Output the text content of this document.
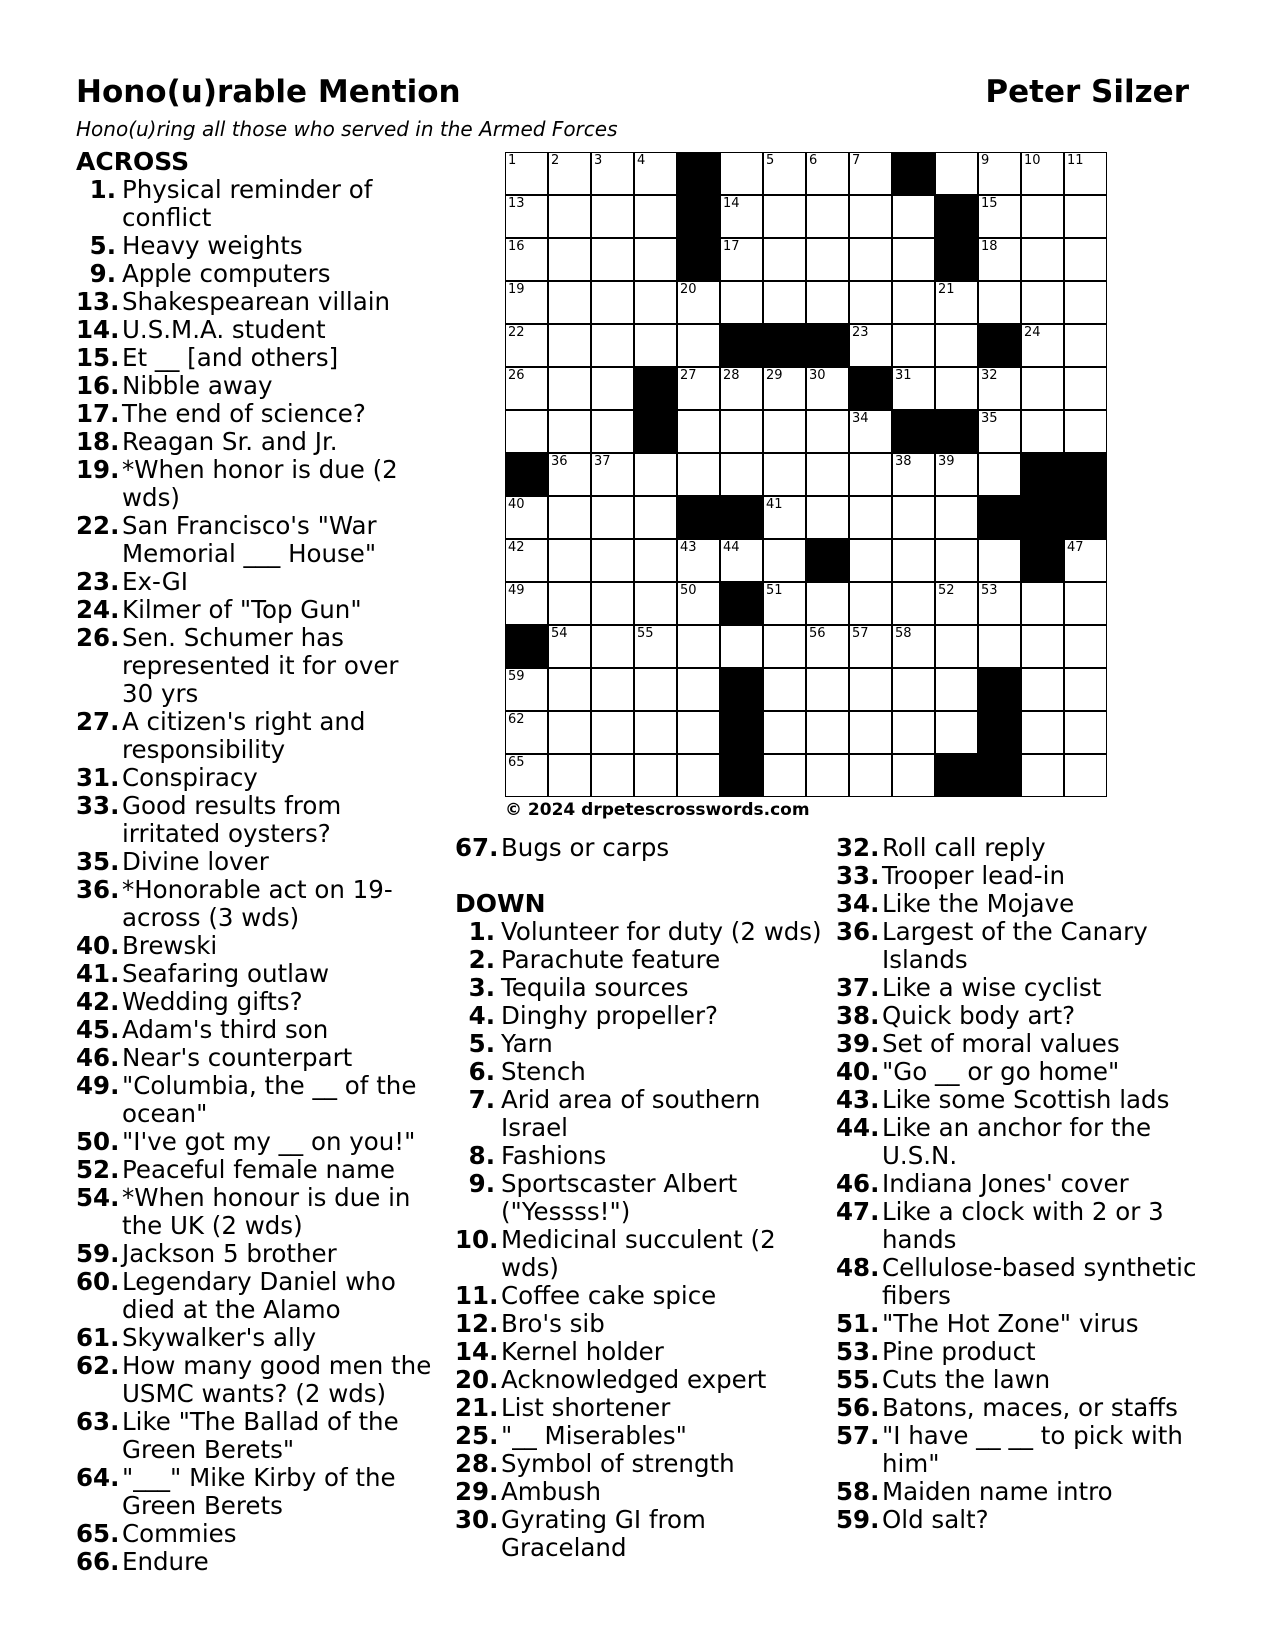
Hono(u)rable Mention	Peter Silzer
Hono(u)ring all those who served in the Armed Forces
ACROSS
1. Physical reminder of conflict
5. Heavy weights
9. Apple computers
13. Shakespearean villain
14. U.S.M.A. student
15. Et __ [and others]
16. Nibble away
17. The end of science?
18. Reagan Sr. and Jr.
19. *When honor is due (2 wds)
22. San Francisco's "War Memorial ___ House"
23. Ex-GI
24. Kilmer of "Top Gun"
26. Sen. Schumer has represented it for over 30 yrs
27. A citizen's right and responsibility
31. Conspiracy
33. Good results from irritated oysters?
35. Divine lover
36. *Honorable act on 19-across (3 wds)
40. Brewski
41. Seafaring outlaw
42. Wedding gifts?
45. Adam's third son
46. Near's counterpart
49. "Columbia, the __ of the ocean"
50. "I've got my __ on you!"
52. Peaceful female name
54. *When honour is due in the UK (2 wds)
59. Jackson 5 brother
60. Legendary Daniel who died at the Alamo
61. Skywalker's ally
62. How many good men the USMC wants? (2 wds)
63. Like "The Ballad of the Green Berets"
64. "___" Mike Kirby of the Green Berets
65. Commies
66. Endure
67. Bugs or carps
DOWN
1. Volunteer for duty (2 wds)
2. Parachute feature
3. Tequila sources
4. Dinghy propeller?
5. Yarn
6. Stench
7. Arid area of southern Israel
8. Fashions
9. Sportscaster Albert ("Yessss!")
10. Medicinal succulent (2 wds)
11. Coffee cake spice
12. Bro's sib
14. Kernel holder
20. Acknowledged expert
21. List shortener
25. "__ Miserables"
28. Symbol of strength
29. Ambush
30. Gyrating GI from Graceland
32. Roll call reply
33. Trooper lead-in
34. Like the Mojave
36. Largest of the Canary Islands
37. Like a wise cyclist
38. Quick body art?
39. Set of moral values
40. "Go __ or go home"
43. Like some Scottish lads
44. Like an anchor for the U.S.N.
46. Indiana Jones' cover
47. Like a clock with 2 or 3 hands
48. Cellulose-based synthetic fibers
51. "The Hot Zone" virus
53. Pine product
55. Cuts the lawn
56. Batons, maces, or staffs
57. "I have __ __ to pick with him"
58. Maiden name intro
59. Old salt?
1	2	3	4	5	6	7	8	9	10 11
13	14	15
16	17	18
19	20	21
22	23	24
26	27 28 29 30	31	32
33	34	35
36 37	38 39
40	41
42	43 44	45	46 47
49	50	51	52 53
54	55	56 57 58
59	60	61
62	63	64
65	66	67
© 2024 drpetescrosswords.com
